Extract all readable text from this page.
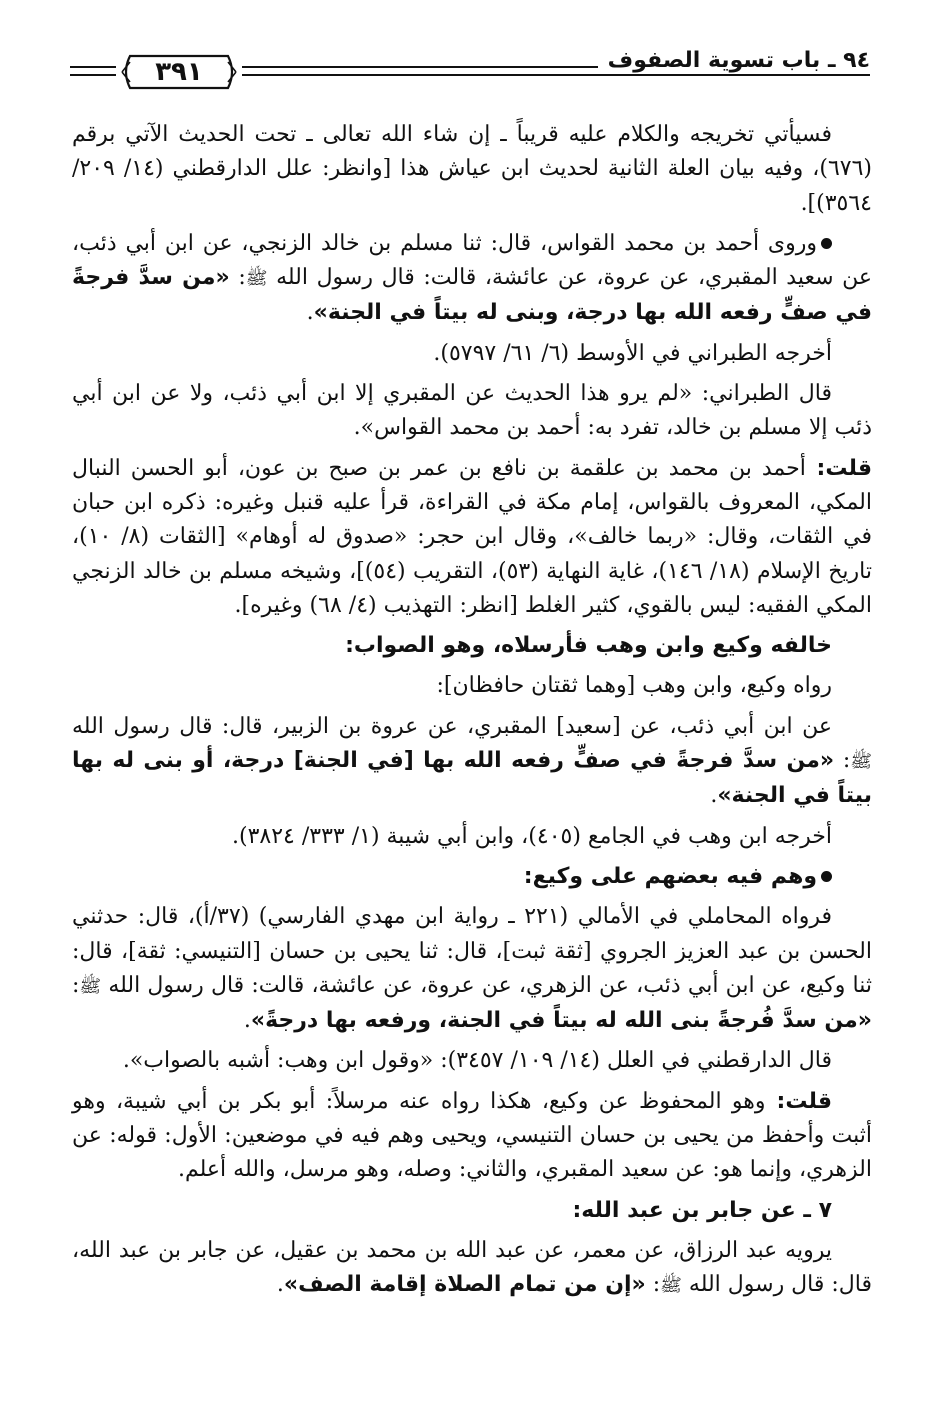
٣٩١	٩٤ ـ باب تسوية الصفوف

فسيأتي تخريجه والكلام عليه قريباً ـ إن شاء الله تعالى ـ تحت الحديث الآتي برقم (٦٧٦)، وفيه بيان العلة الثانية لحديث ابن عياش هذا [وانظر: علل الدارقطني (١٤/ ٢٠٩/ ٣٥٦٤)].

وروى أحمد بن محمد القواس، قال: ثنا مسلم بن خالد الزنجي، عن ابن أبي ذئب، عن سعيد المقبري، عن عروة، عن عائشة، قالت: قال رسول الله ﷺ: «من سدَّ فرجةً في صفٍّ رفعه الله بها درجة، وبنى له بيتاً في الجنة».

أخرجه الطبراني في الأوسط (٦/ ٦١/ ٥٧٩٧).

قال الطبراني: «لم يرو هذا الحديث عن المقبري إلا ابن أبي ذئب، ولا عن ابن أبي ذئب إلا مسلم بن خالد، تفرد به: أحمد بن محمد القواس».

قلت: أحمد بن محمد بن علقمة بن نافع بن عمر بن صبح بن عون، أبو الحسن النبال المكي، المعروف بالقواس، إمام مكة في القراءة، قرأ عليه قنبل وغيره: ذكره ابن حبان في الثقات، وقال: «ربما خالف»، وقال ابن حجر: «صدوق له أوهام» [الثقات (٨/ ١٠)، تاريخ الإسلام (١٨/ ١٤٦)، غاية النهاية (٥٣)، التقريب (٥٤)]، وشيخه مسلم بن خالد الزنجي المكي الفقيه: ليس بالقوي، كثير الغلط [انظر: التهذيب (٤/ ٦٨) وغيره].

خالفه وكيع وابن وهب فأرسلاه، وهو الصواب:

رواه وكيع، وابن وهب [وهما ثقتان حافظان]:

عن ابن أبي ذئب، عن [سعيد] المقبري، عن عروة بن الزبير، قال: قال رسول الله ﷺ: «من سدَّ فرجةً في صفٍّ رفعه الله بها [في الجنة] درجة، أو بنى له بها بيتاً في الجنة».

أخرجه ابن وهب في الجامع (٤٠٥)، وابن أبي شيبة (١/ ٣٣٣/ ٣٨٢٤).

وهم فيه بعضهم على وكيع:

فرواه المحاملي في الأمالي (٢٢١ ـ رواية ابن مهدي الفارسي) (٣٧/أ)، قال: حدثني الحسن بن عبد العزيز الجروي [ثقة ثبت]، قال: ثنا يحيى بن حسان [التنيسي: ثقة]، قال: ثنا وكيع، عن ابن أبي ذئب، عن الزهري، عن عروة، عن عائشة، قالت: قال رسول الله ﷺ: «من سدَّ فُرجةً بنى الله له بيتاً في الجنة، ورفعه بها درجةً».

قال الدارقطني في العلل (١٤/ ١٠٩/ ٣٤٥٧): «وقول ابن وهب: أشبه بالصواب».

قلت: وهو المحفوظ عن وكيع، هكذا رواه عنه مرسلاً: أبو بكر بن أبي شيبة، وهو أثبت وأحفظ من يحيى بن حسان التنيسي، ويحيى وهم فيه في موضعين: الأول: قوله: عن الزهري، وإنما هو: عن سعيد المقبري، والثاني: وصله، وهو مرسل، والله أعلم.

٧ ـ عن جابر بن عبد الله:

يرويه عبد الرزاق، عن معمر، عن عبد الله بن محمد بن عقيل، عن جابر بن عبد الله، قال: قال رسول الله ﷺ: «إن من تمام الصلاة إقامة الصف».
